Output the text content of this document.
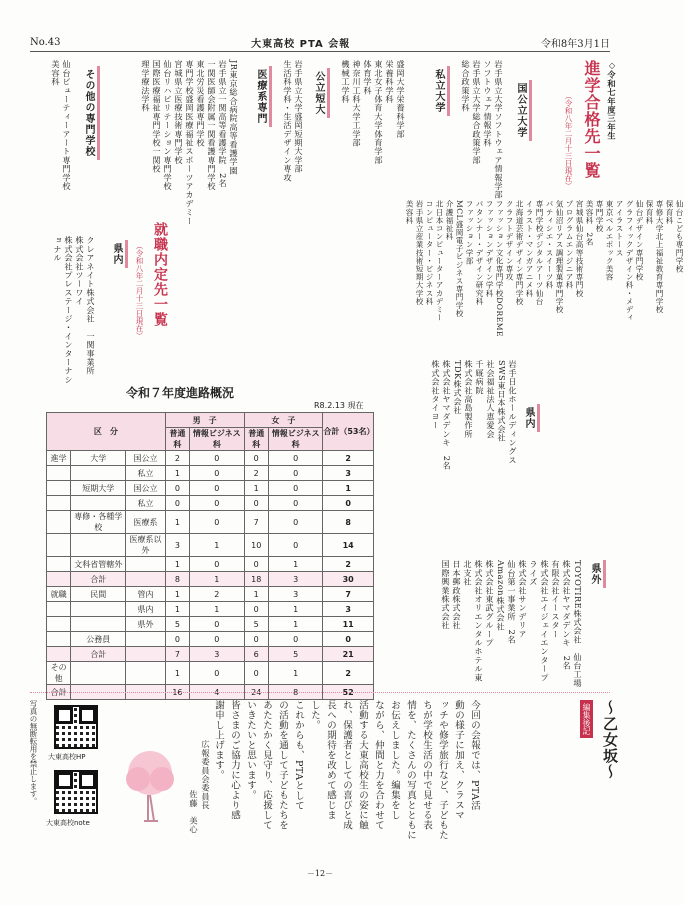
No.43	大東高校 PTA 会報	令和8年3月1日
進学合格先一覧
（令和八年二月十三日現在）	◇令和七年度三年生
国公立大学
岩手県立大学ソフトウェア情報学部
ソフトウェア情報学科
岩手県立大学総合政策学部
総合政策学科
私立大学
盛岡大学栄養科学部
栄養科学科
東北女子体育大学体育学部
体育学科
神奈川工科大学工学部
機械工学科
公立短大
岩手県立大学盛岡短期大学部
生活科学科・生活デザイン専攻
医療系専門
JR東京総合病院高等看護学園
岩手県立一関高等看護学院　2名
一関医師会附属一関看護専門学校
東北労災看護専門学校
専門学校盛岡医療福祉スポーツアカデミー
宮城県立医療技術専門学校
仙台リハビリテーション専門学校
国際医療福祉専門学校一関校
理学療法学科
その他の専門学校
仙台ビューティーアート専門学校
美容科
仙台こども専門学校
保育科
専修大学北上福祉教育専門学校
保育科
仙台デザイン専門学校
グラフィックデザイン科・メディ
アイラストース
東京ベルエポック美容
専門学校
美容科　2名
宮城県仙台高等技術専門校
プログラムエンジニア科
気仙沼リアス調理製菓専門学校
パティシエ・スイーツ科
専門学校デジタルアーツ仙台
イラスト・マンガアニメ科
北海道芸術デザイン専門学校
クラフトデザイン専攻
ファッション文化専門学校DOREME
ファッションデザイン学科
パタンナー・デザイン研究科
ファッション学部
MCL盛岡電子ビジネス専門学校
介護福祉科
北日本コンピューターアカデミー
コンピューター・ビジネス科
岩手県立産業技術短期大学校
美容科
就職内定先一覧
（令和八年二月十三日現在）
県内
クレアネイト株式会社　一関事業所
株式会社ツーワイ
株式会社プレステージ・インターナショナル
県内
岩手日化ホールディングス
SWS東日本株式会社
社会福祉法人恵愛会
千厩病院
株式会社高島製作所
TDK株式会社
株式会社ヤマダデンキ　2名
株式会社タイヨー
県外
TOYOTIRE株式会社　仙台工場
株式会社ヤマダデンキ　2名
有限会社イースター
株式会社エイジェイエンタープライズ
株式会社サンデリア
仙台第一事業所　2名
Amazon株式会社
株式会社東武グループ
株式会社オリエンタルホテル東北支社
日本郵政株式会社
国際興業株式会社
令和７年度進路概況
R8.2.13 現在
区　分			男　子		女　子		合計（53名）
			普通科	情報ビジネス科	普通科	情報ビジネス科	
進学	大学	国公立	2	0	0	0	2
		私立	1	0	2	0	3
	短期大学	国公立	0	0	1	0	1
		私立	0	0	0	0	0
	専修・各種学校	医療系	1	0	7	0	8
		医療系以外	3	1	10	0	14
	文科省管轄外		1	0	0	1	2
	合計		8	1	18	3	30
就職	民間	管内	1	2	1	3	7
		県内	1	1	0	1	3
		県外	5	0	5	1	11
	公務員		0	0	0	0	0
	合計		7	3	6	5	21
その他			1	0	0	1	2
合計			16	4	24	8	52
～乙女坂～
編集後記
今回の会報では、PTA活
動の様子に加え、クラスマ
ッチや修学旅行など、子どもた
ちが学校生活の中で見せる表
情を、たくさんの写真とともに
お伝えしました。編集をし
ながら、仲間と力を合わせて
活動する大東高校生の姿に触
れ、保護者としての喜びと成
長への期待を改めて感じま
した。
これからも、PTAとして
の活動を通して子どもたちを
あたたかく見守り、応援して
いきたいと思います。
皆さまのご協力に心より感
謝申し上げます。
広報委員会委員長
佐藤　美心
大東高校HP
大東高校note
写真の無断転用を禁止します。
－12－
